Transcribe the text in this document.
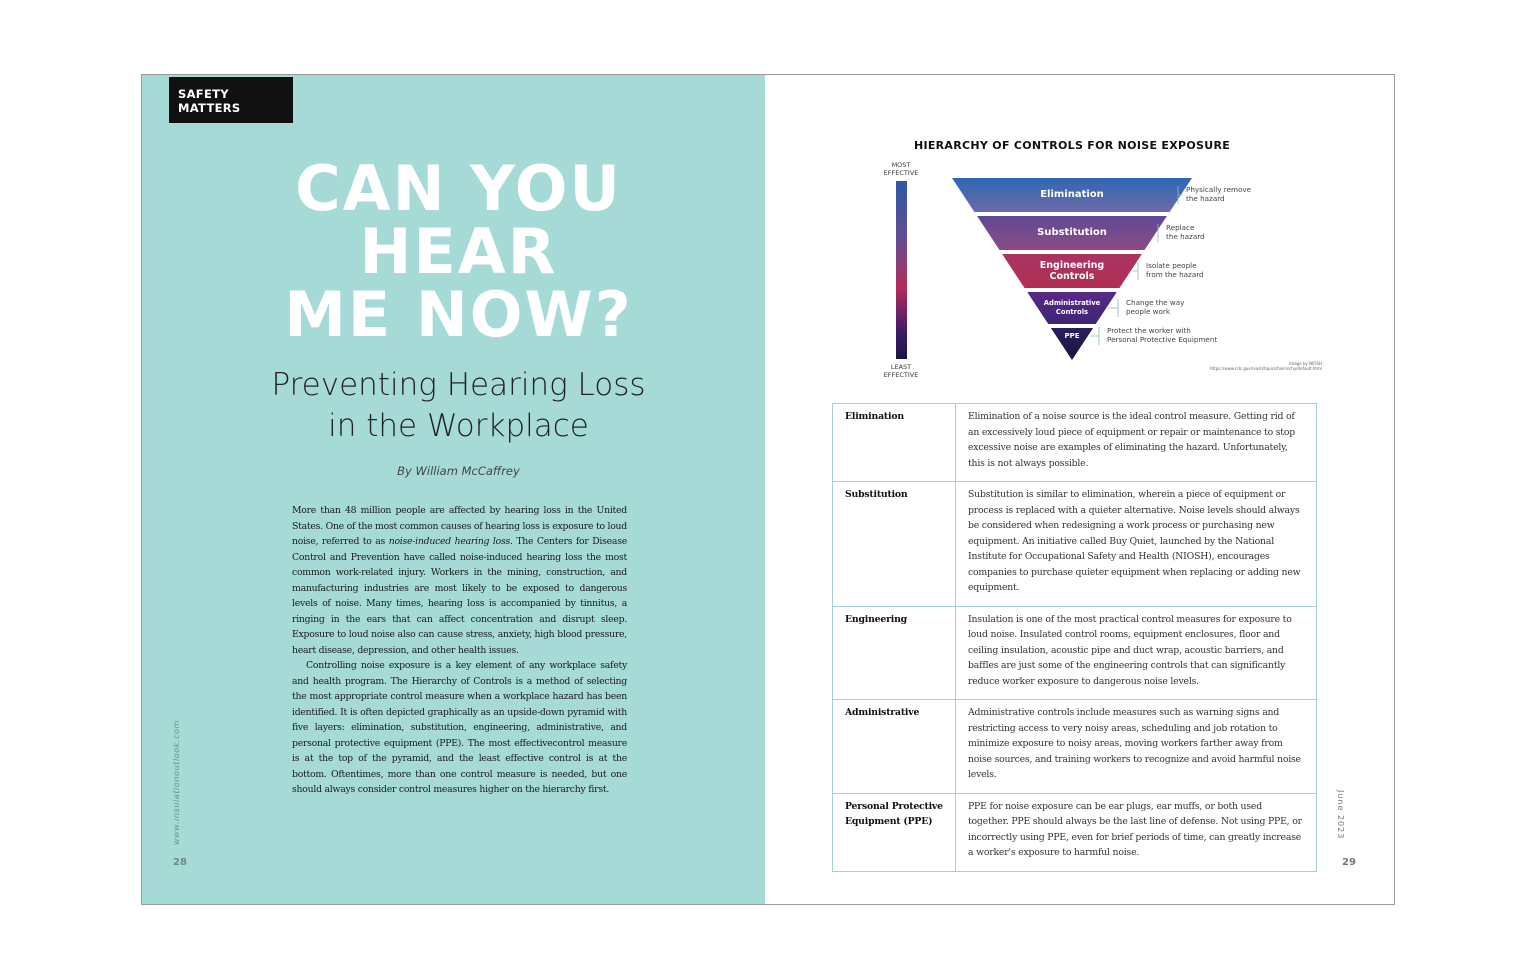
SAFETY MATTERS
CAN YOU
HEAR
ME NOW?
Preventing Hearing Loss
in the Workplace
By William McCaffrey

More than 48 million people are affected by hearing loss in the United States. One of the most common causes of hearing loss is exposure to loud noise, referred to as noise-induced hearing loss. The Centers for Disease Control and Prevention have called noise-induced hearing loss the most common work-related injury. Workers in the mining, construction, and manufacturing industries are most likely to be exposed to dangerous levels of noise. Many times, hearing loss is accompanied by tinnitus, a ringing in the ears that can affect concentration and disrupt sleep. Exposure to loud noise also can cause stress, anxiety, high blood pressure, heart disease, depression, and other health issues.

Controlling noise exposure is a key element of any workplace safety and health program. The Hierarchy of Controls is a method of selecting the most appropriate control measure when a workplace hazard has been identified. It is often depicted graphically as an upside-down pyramid with five layers: elimination, substitution, engineering, administrative, and personal protective equipment (PPE). The most effectivecontrol measure is at the top of the pyramid, and the least effective control is at the bottom. Oftentimes, more than one control measure is needed, but one should always consider control measures higher on the hierarchy first.

www.insulationoutlook.com
28
HIERARCHY OF CONTROLS FOR NOISE EXPOSURE
MOST
EFFECTIVE
LEAST
EFFECTIVE
Elimination
Substitution
Engineering
Controls
Administrative
Controls
PPE
Physically remove
the hazard
Replace
the hazard
Isolate people
from the hazard
Change the way
people work
Protect the worker with
Personal Protective Equipment
Image by NIOSH
https://www.cdc.gov/niosh/topics/hierarchy/default.html
Elimination	Elimination of a noise source is the ideal control measure. Getting rid of an excessively loud piece of equipment or repair or maintenance to stop excessive noise are examples of eliminating the hazard. Unfortunately, this is not always possible.
Substitution	Substitution is similar to elimination, wherein a piece of equipment or process is replaced with a quieter alternative. Noise levels should always be considered when redesigning a work process or purchasing new equipment. An initiative called Buy Quiet, launched by the National Institute for Occupational Safety and Health (NIOSH), encourages companies to purchase quieter equipment when replacing or adding new equipment.
Engineering	Insulation is one of the most practical control measures for exposure to loud noise. Insulated control rooms, equipment enclosures, floor and ceiling insulation, acoustic pipe and duct wrap, acoustic barriers, and baffles are just some of the engineering controls that can significantly reduce worker exposure to dangerous noise levels.
Administrative	Administrative controls include measures such as warning signs and restricting access to very noisy areas, scheduling and job rotation to minimize exposure to noisy areas, moving workers farther away from noise sources, and training workers to recognize and avoid harmful noise levels.
Personal Protective Equipment (PPE)	PPE for noise exposure can be ear plugs, ear muffs, or both used together. PPE should always be the last line of defense. Not using PPE, or incorrectly using PPE, even for brief periods of time, can greatly increase a worker's exposure to harmful noise.
June 2023
29
